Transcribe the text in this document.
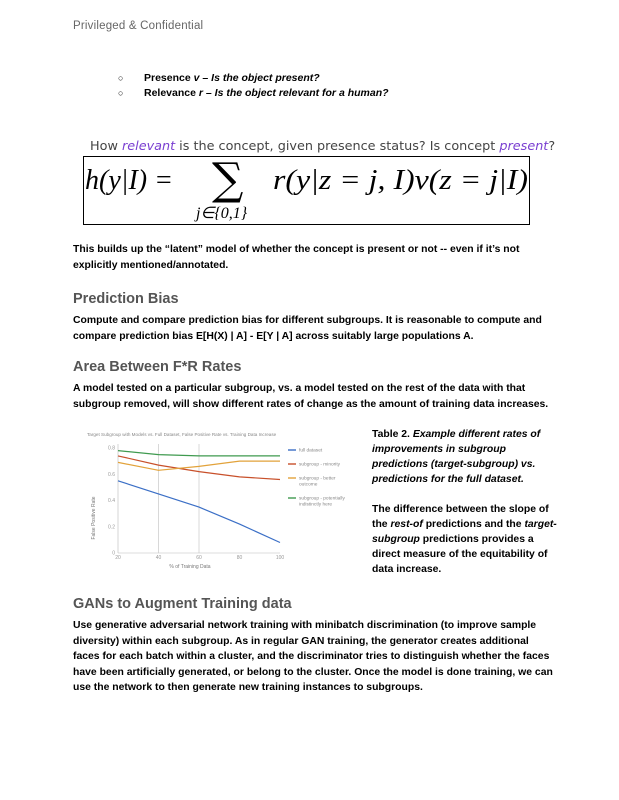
Privileged & Confidential
○ Presence v – Is the object present?
○ Relevance r – Is the object relevant for a human?
How relevant is the concept, given presence status? Is concept present?
h(y|I) = ∑
j∈{0,1}
r(y|z = j, I)v(z = j|I)
This builds up the “latent” model of whether the concept is present or not -- even if it’s not explicitly mentioned/annotated.
Prediction Bias
Compute and compare prediction bias for different subgroups. It is reasonable to compute and compare prediction bias E[H(X) | A] - E[Y | A] across suitably large populations A.
Area Between F*R Rates
A model tested on a particular subgroup, vs. a model tested on the rest of the data with that subgroup removed, will show different rates of change as the amount of training data increases.
Target Subgroup with Models vs. Full Dataset, False Positive Rate vs. Training Data Increase
False Positive Rate
% of Training Data
20	40	60	80	100
0
0.2
0.4
0.6
0.8	full dataset
subgroup - minority
subgroup - better
outcome
subgroup - potentially
indistinctly here
Table 2. Example different rates of improvements in subgroup predictions (target-subgroup) vs. predictions for the full dataset.
The difference between the slope of the rest-of predictions and the target-subgroup predictions provides a direct measure of the equitability of data increase.
GANs to Augment Training data
Use generative adversarial network training with minibatch discrimination (to improve sample diversity) within each subgroup. As in regular GAN training, the generator creates additional faces for each batch within a cluster, and the discriminator tries to distinguish whether the faces have been artificially generated, or belong to the cluster. Once the model is done training, we can use the network to then generate new training instances to subgroups.
